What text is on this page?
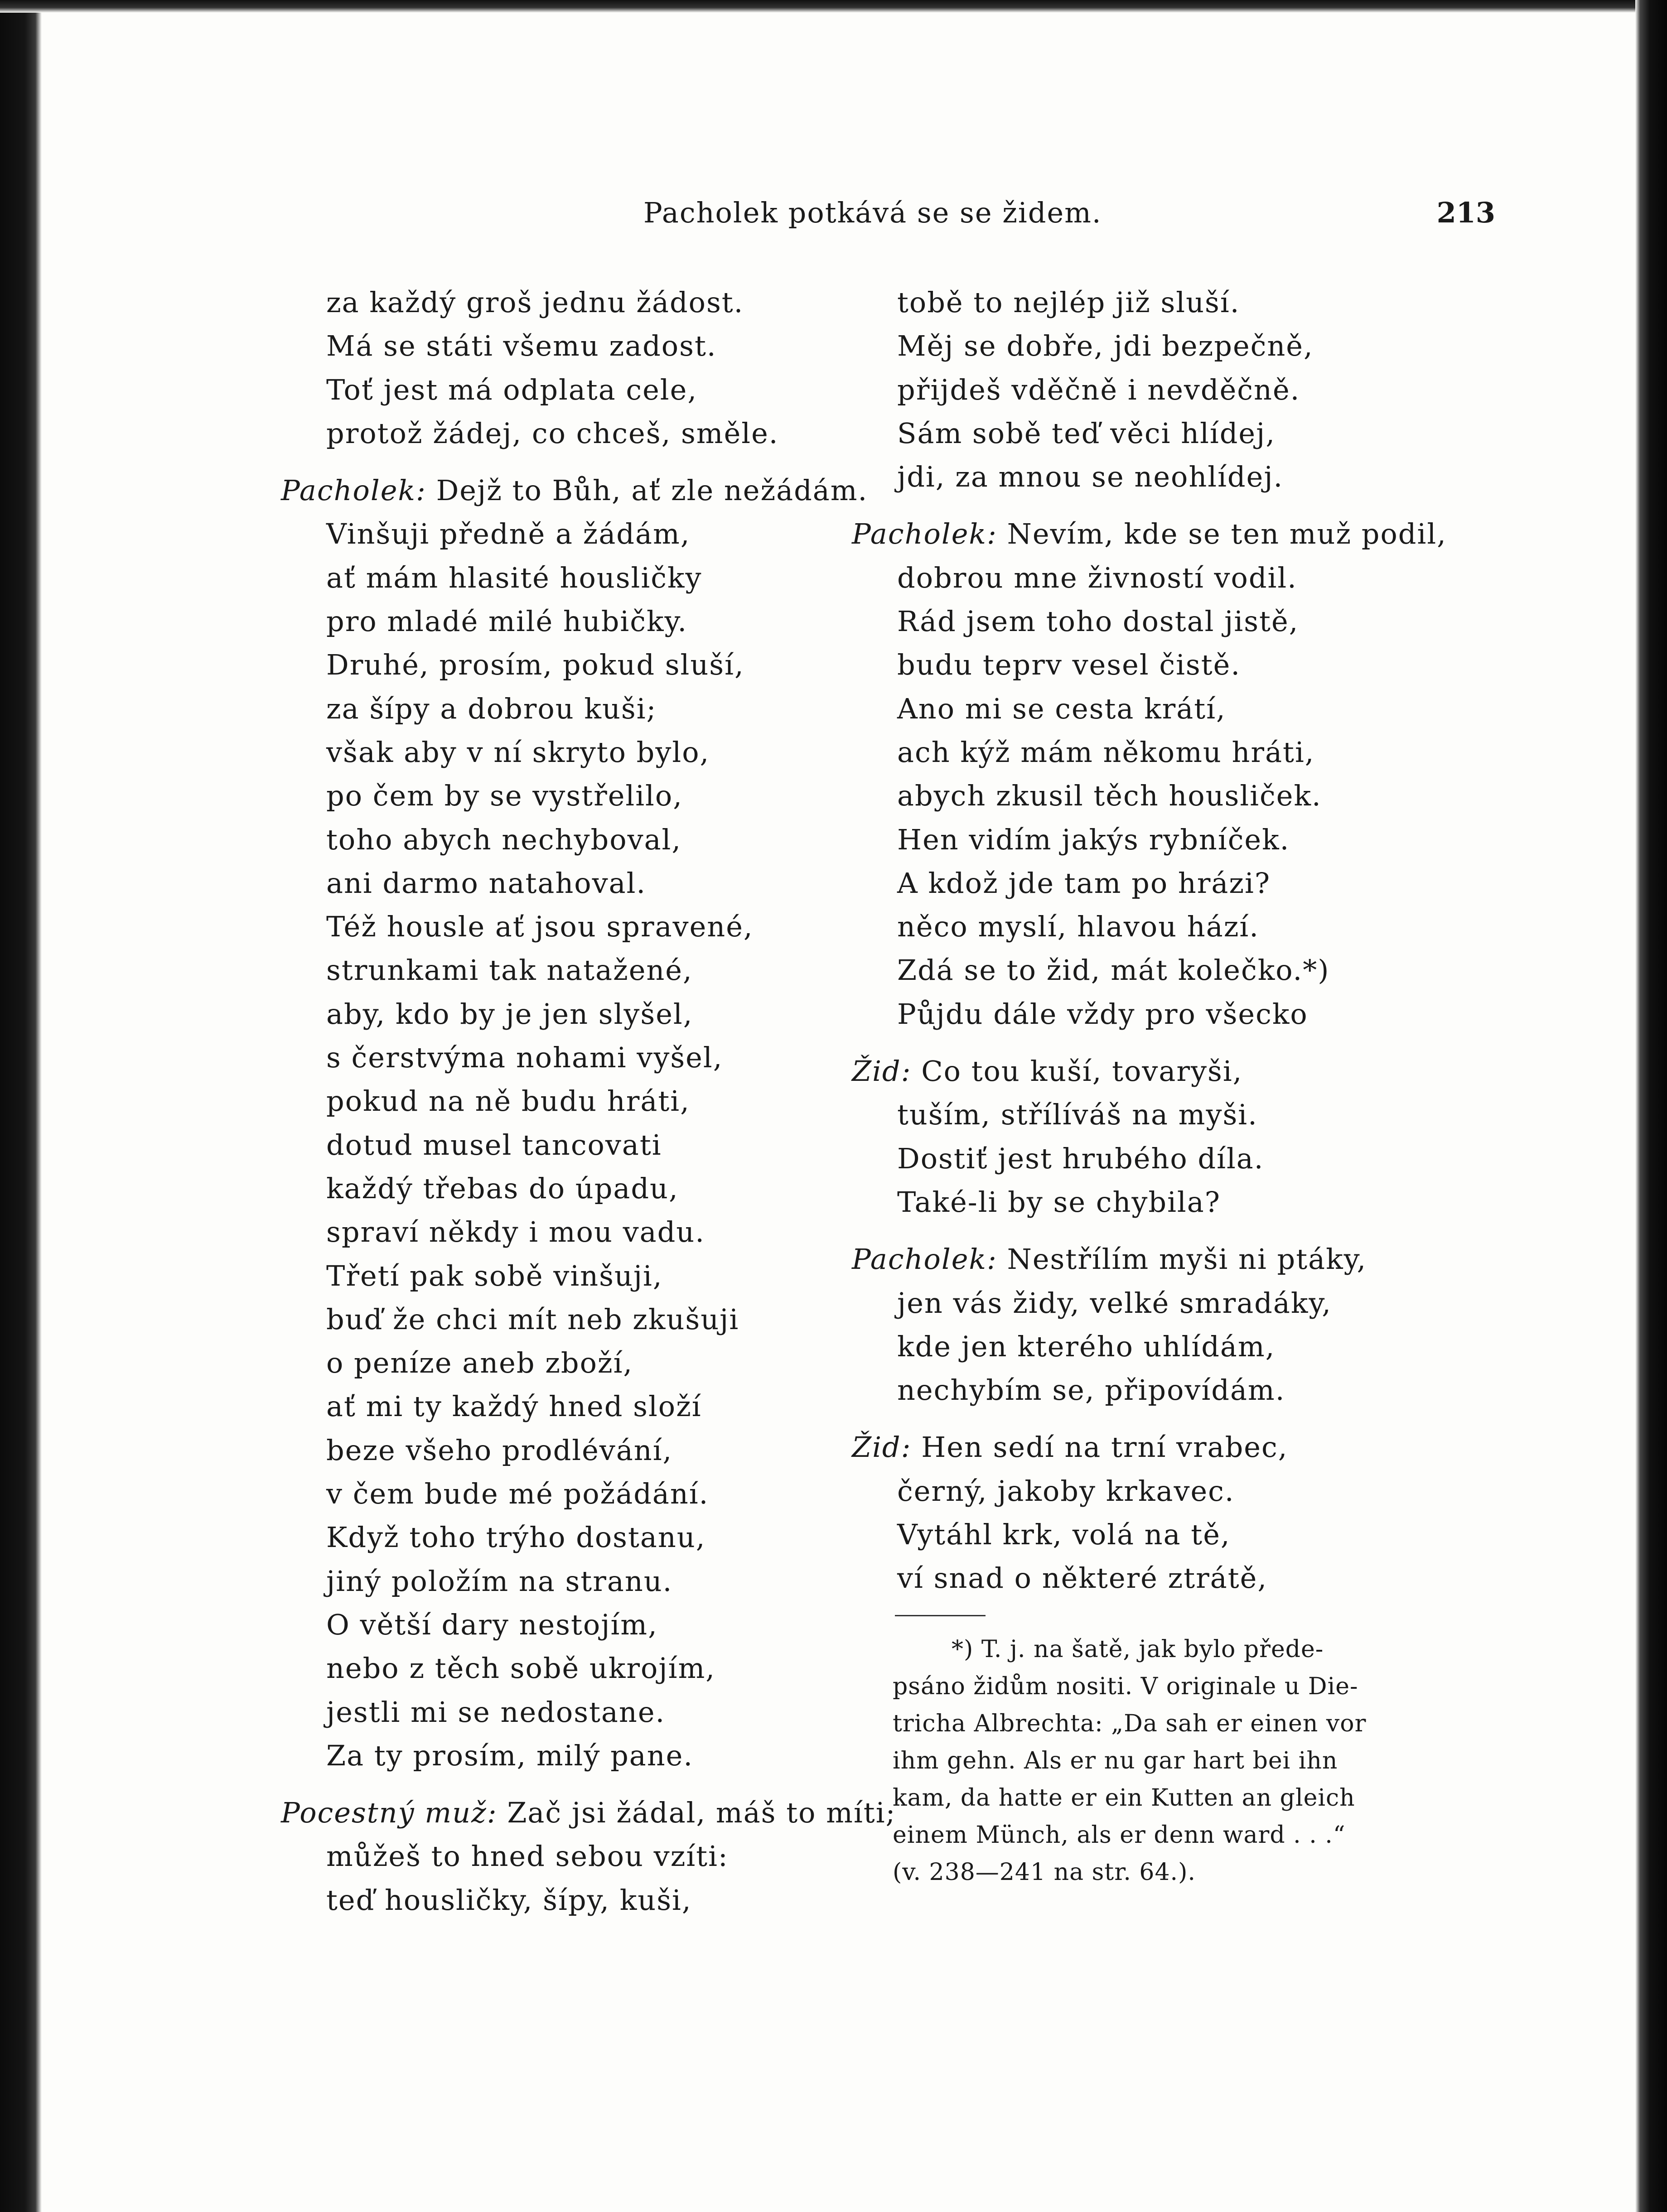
Pacholek potkává se se židem.	213
za každý groš jednu žádost.
Má se státi všemu zadost.
Toť jest má odplata cele,
protož žádej, co chceš, směle.
Pacholek: Dejž to Bůh, ať zle nežádám.
Vinšuji předně a žádám,
ať mám hlasité housličky
pro mladé milé hubičky.
Druhé, prosím, pokud sluší,
za šípy a dobrou kuši;
však aby v ní skryto bylo,
po čem by se vystřelilo,
toho abych nechyboval,
ani darmo natahoval.
Též housle ať jsou spravené,
strunkami tak natažené,
aby, kdo by je jen slyšel,
s čerstvýma nohami vyšel,
pokud na ně budu hráti,
dotud musel tancovati
každý třebas do úpadu,
spraví někdy i mou vadu.
Třetí pak sobě vinšuji,
buď že chci mít neb zkušuji
o peníze aneb zboží,
ať mi ty každý hned složí
beze všeho prodlévání,
v čem bude mé požádání.
Když toho trýho dostanu,
jiný položím na stranu.
O větší dary nestojím,
nebo z těch sobě ukrojím,
jestli mi se nedostane.
Za ty prosím, milý pane.
Pocestný muž: Zač jsi žádal, máš to míti;
můžeš to hned sebou vzíti:
teď housličky, šípy, kuši,
tobě to nejlép již sluší.
Měj se dobře, jdi bezpečně,
přijdeš vděčně i nevděčně.
Sám sobě teď věci hlídej,
jdi, za mnou se neohlídej.
Pacholek: Nevím, kde se ten muž podil,
dobrou mne živností vodil.
Rád jsem toho dostal jistě,
budu teprv vesel čistě.
Ano mi se cesta krátí,
ach kýž mám někomu hráti,
abych zkusil těch housliček.
Hen vidím jakýs rybníček.
A kdož jde tam po hrázi?
něco myslí, hlavou hází.
Zdá se to žid, mát kolečko.*)
Půjdu dále vždy pro všecko
Žid: Co tou kuší, tovaryši,
tuším, střílíváš na myši.
Dostiť jest hrubého díla.
Také-li by se chybila?
Pacholek: Nestřílím myši ni ptáky,
jen vás židy, velké smradáky,
kde jen kterého uhlídám,
nechybím se, připovídám.
Žid: Hen sedí na trní vrabec,
černý, jakoby krkavec.
Vytáhl krk, volá na tě,
ví snad o některé ztrátě,
*) T. j. na šatě, jak bylo přede-
psáno židům nositi. V originale u Die-
tricha Albrechta: „Da sah er einen vor
ihm gehn. Als er nu gar hart bei ihn
kam, da hatte er ein Kutten an gleich
einem Münch, als er denn ward . . .“
(v. 238—241 na str. 64.).
